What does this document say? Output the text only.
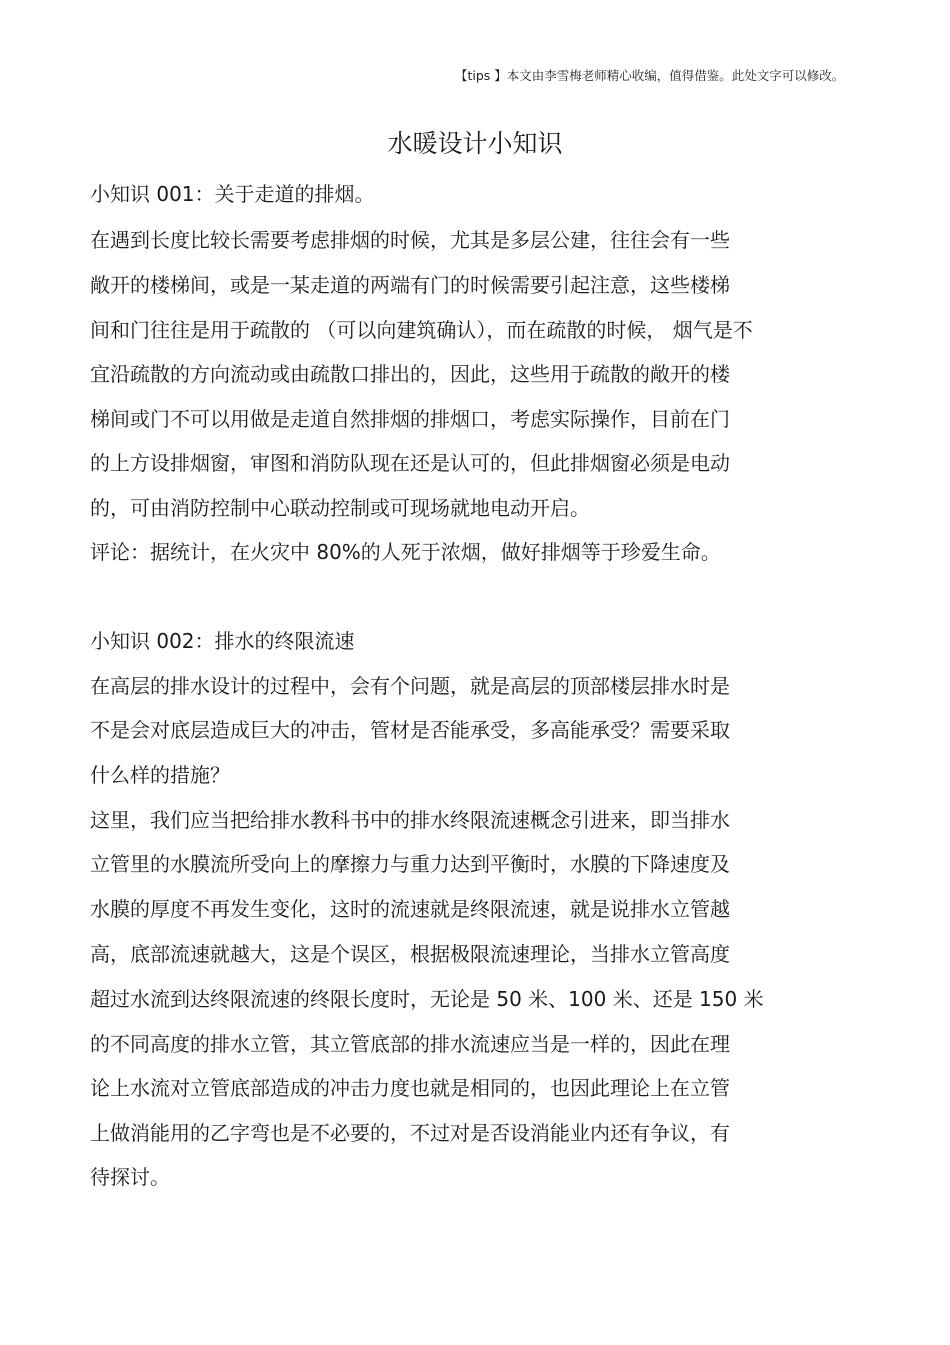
【tips 】本文由李雪梅老师精心收编，值得借鉴。此处文字可以修改。
水暖设计小知识
小知识 001：关于走道的排烟。
在遇到长度比较长需要考虑排烟的时候，尤其是多层公建，往往会有一些
敞开的楼梯间，或是一某走道的两端有门的时候需要引起注意，这些楼梯
间和门往往是用于疏散的 （可以向建筑确认），而在疏散的时候， 烟气是不
宜沿疏散的方向流动或由疏散口排出的，因此，这些用于疏散的敞开的楼
梯间或门不可以用做是走道自然排烟的排烟口，考虑实际操作，目前在门
的上方设排烟窗，审图和消防队现在还是认可的，但此排烟窗必须是电动
的，可由消防控制中心联动控制或可现场就地电动开启。
评论：据统计，在火灾中 80%的人死于浓烟，做好排烟等于珍爱生命。
小知识 002：排水的终限流速
在高层的排水设计的过程中，会有个问题，就是高层的顶部楼层排水时是
不是会对底层造成巨大的冲击，管材是否能承受，多高能承受？需要采取
什么样的措施？
这里，我们应当把给排水教科书中的排水终限流速概念引进来，即当排水
立管里的水膜流所受向上的摩擦力与重力达到平衡时，水膜的下降速度及
水膜的厚度不再发生变化，这时的流速就是终限流速，就是说排水立管越
高，底部流速就越大，这是个误区，根据极限流速理论，当排水立管高度
超过水流到达终限流速的终限长度时，无论是 50 米、100 米、还是 150 米
的不同高度的排水立管，其立管底部的排水流速应当是一样的，因此在理
论上水流对立管底部造成的冲击力度也就是相同的，也因此理论上在立管
上做消能用的乙字弯也是不必要的，不过对是否设消能业内还有争议，有
待探讨。
